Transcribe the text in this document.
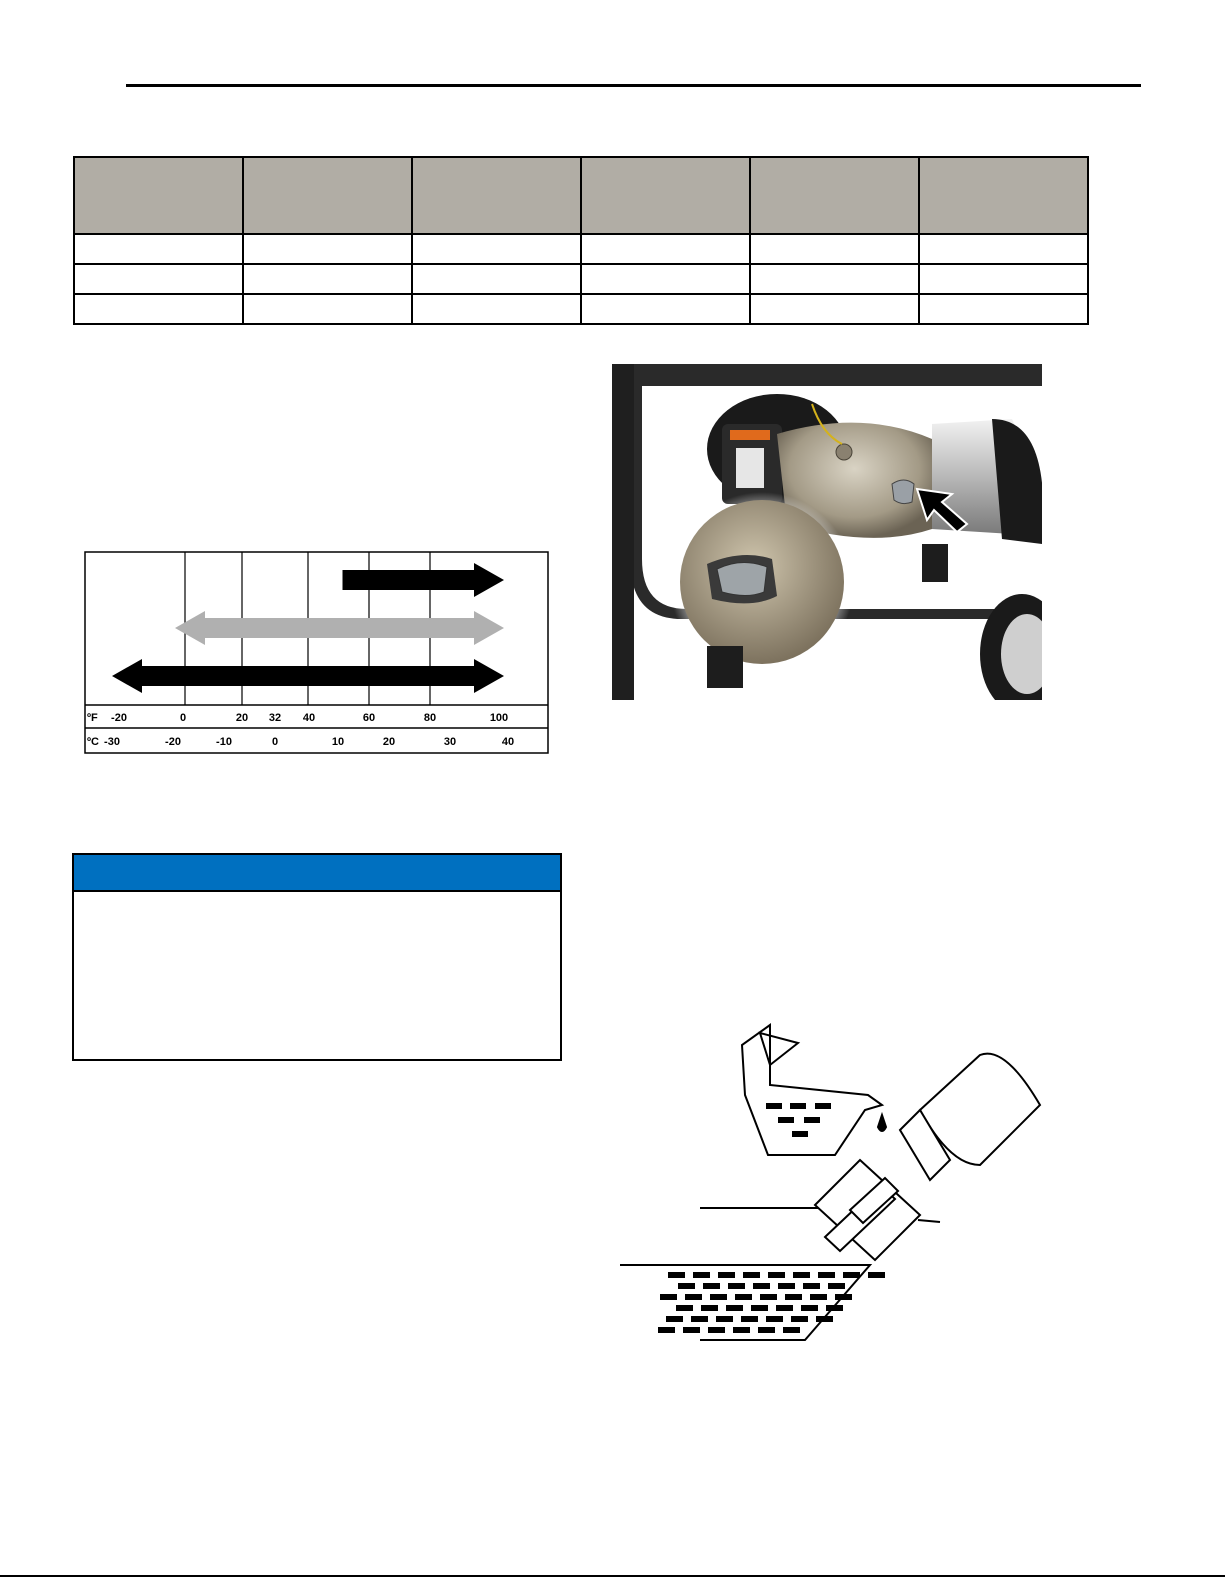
ºF
ºC
-20	0	20 32 40	60	80	100
-30	-20	-10	0	10	20	30	40
